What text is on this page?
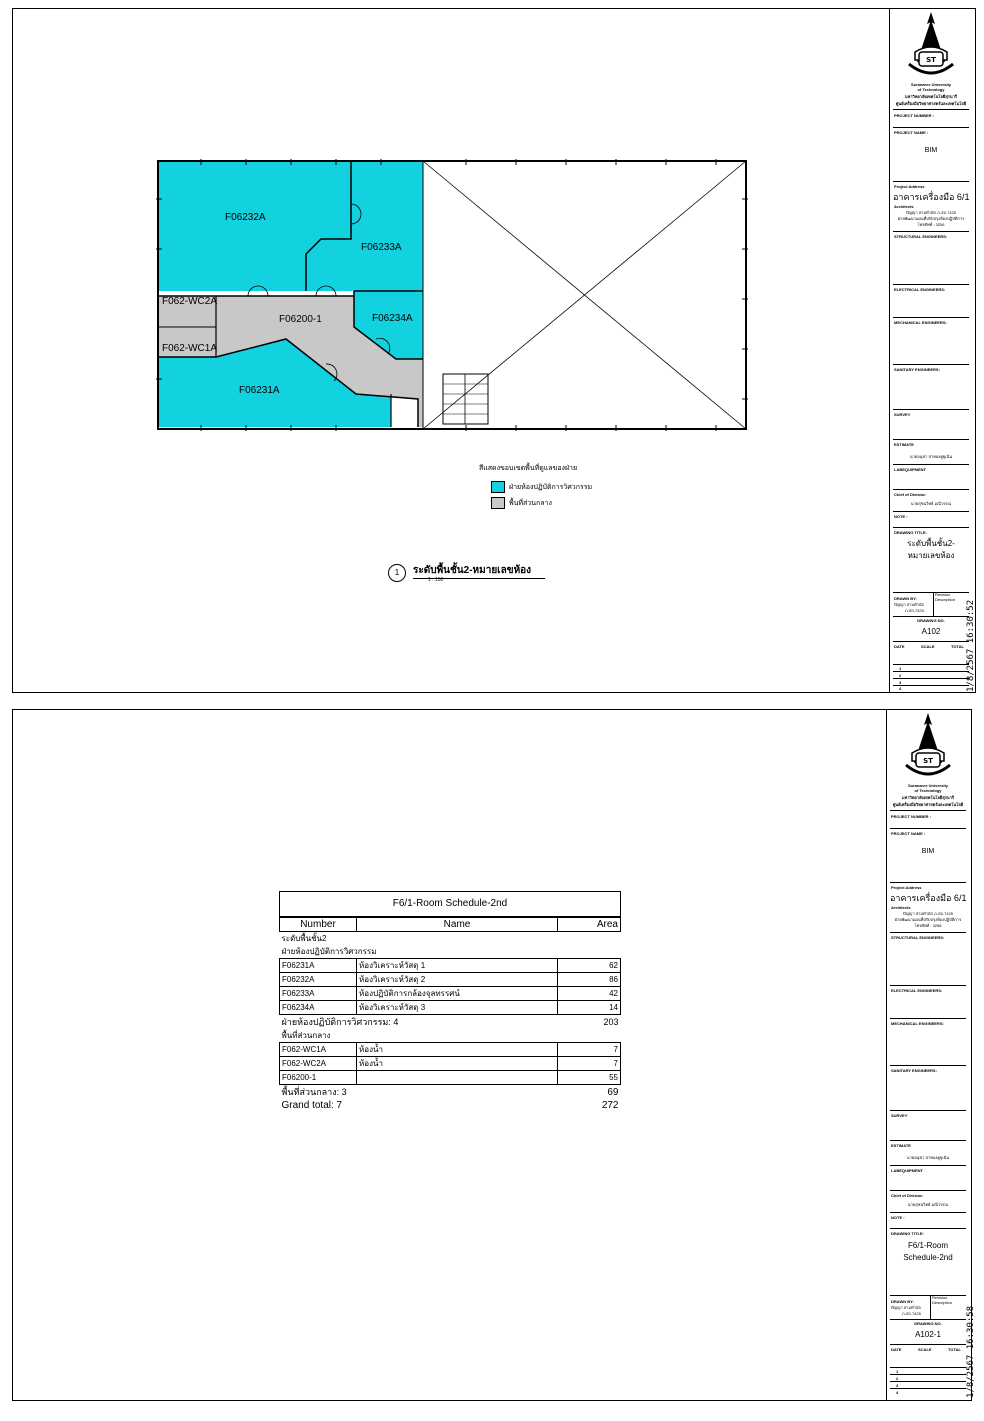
F06232A
F06233A
F06234A
F06200-1
F06231A
F062-WC2A
F062-WC1A
สีแสดงขอบเขตพื้นที่ดูแลของฝ่าย
ฝ่ายห้องปฏิบัติการวิศวกรรม
พื้นที่ส่วนกลาง
1	ระดับพื้นชั้น2-หมายเลขห้อง
1 : 150
ST
Suranaree University
of Technology
มหาวิทยาลัยเทคโนโลยีสุรนารี
ศูนย์เครื่องมือวิทยาศาสตร์และเทคโนโลยี
PROJECT NUMBER :
PROJECT NAME :
BIM
Project Address
อาคารเครื่องมือ 6/1
Architects
ปัญญา สามทำนัก ภ-สถ.7425
ฝ่ายพัฒนาแผนที่ปรับปรุงห้องปฏิบัติการ
โทรศัพท์ : 3256
STRUCTURAL ENGINEERS:
ELECTRICAL ENGINEERS:
MECHANICAL ENGINEERS:
SANITARY ENGINEERS:
SURVEY
ESTIMATE
นายอนุชา ปาทองคู่ยุเนิน
LABEQUIPMENT
Chief of Division
นายสุชนวิทย์ มณีวรรณ
NOTE :
DRAWING TITLE:
ระดับพื้นชั้น2-
หมายเลขห้อง
DRAWN BY:
ปัญญา สามทำนัก
ภ-สถ.7425
Revision Description
DRAWING NO.
A102
DATE	SCALE	TOTAL
1
2
3
4	1/8/2567 16:30:52
F6/1-Room Schedule-2nd
Number	Name	Area
ระดับพื้นชั้น2		
ฝ่ายห้องปฏิบัติการวิศวกรรม		
F06231A	ห้องวิเคราะห์วัสดุ 1	62
F06232A	ห้องวิเคราะห์วัสดุ 2	86
F06233A	ห้องปฏิบัติการกล้องจุลทรรศน์	42
F06234A	ห้องวิเคราะห์วัสดุ 3	14
ฝ่ายห้องปฏิบัติการวิศวกรรม: 4		203
พื้นที่ส่วนกลาง		
F062-WC1A	ห้องน้ำ	7
F062-WC2A	ห้องน้ำ	7
F06200-1		55
พื้นที่ส่วนกลาง: 3		69
Grand total: 7		272
ST
Suranaree University
of Technology
มหาวิทยาลัยเทคโนโลยีสุรนารี
ศูนย์เครื่องมือวิทยาศาสตร์และเทคโนโลยี
PROJECT NUMBER :
PROJECT NAME :
BIM
Project Address
อาคารเครื่องมือ 6/1
Architects
ปัญญา สามทำนัก ภ-สถ.7425
ฝ่ายพัฒนาแผนที่ปรับปรุงห้องปฏิบัติการ
โทรศัพท์ : 3256
STRUCTURAL ENGINEERS:
ELECTRICAL ENGINEERS:
MECHANICAL ENGINEERS:
SANITARY ENGINEERS:
SURVEY
ESTIMATE
นายอนุชา ปาทองคู่ยุเนิน
LABEQUIPMENT
Chief of Division
นายสุชนวิทย์ มณีวรรณ
NOTE :
DRAWING TITLE:
F6/1-Room
Schedule-2nd
DRAWN BY:
ปัญญา สามทำนัก
ภ-สถ.7425
Revision Description
DRAWING NO.
A102-1
DATE	SCALE	TOTAL
1
2
3
4	1/8/2567 16:30:58
